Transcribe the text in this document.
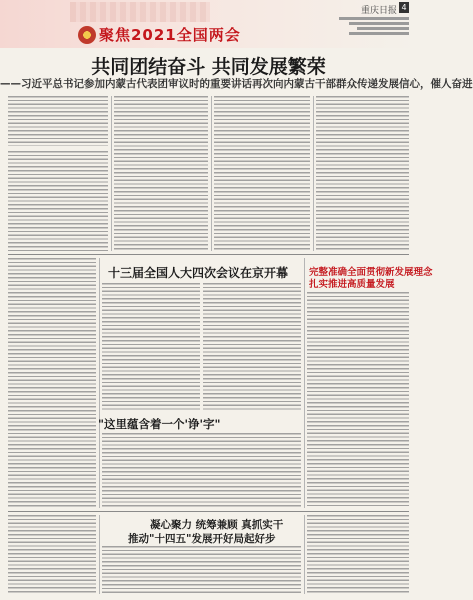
聚焦2021全国两会
重庆日报 4
共同团结奋斗 共同发展繁荣
——习近平总书记参加内蒙古代表团审议时的重要讲话再次向内蒙古干部群众传递发展信心，催人奋进
十三届全国人大四次会议在京开幕 完整准确全面贯彻新发展理念
扎实推进高质量发展
"这里蕴含着一个'诤'字"
凝心聚力 统筹兼顾 真抓实干
推动"十四五"发展开好局起好步
